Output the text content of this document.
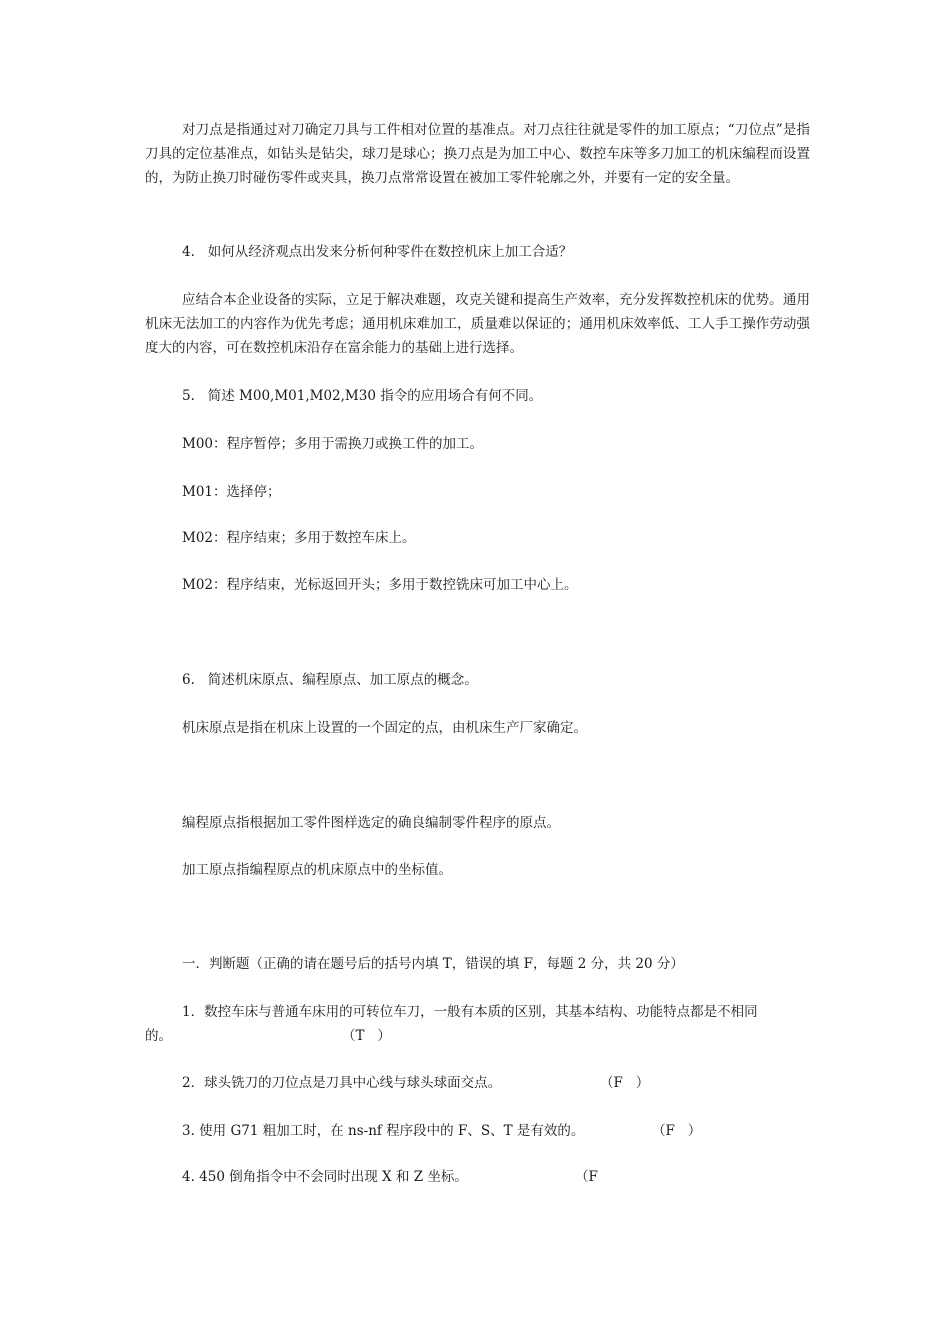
对刀点是指通过对刀确定刀具与工件相对位置的基准点。对刀点往往就是零件的加工原点；“刀位点”是指刀具的定位基准点，如钻头是钻尖，球刀是球心；换刀点是为加工中心、数控车床等多刀加工的机床编程而设置的，为防止换刀时碰伤零件或夹具，换刀点常常设置在被加工零件轮廓之外，并要有一定的安全量。

4.   如何从经济观点出发来分析何种零件在数控机床上加工合适？

应结合本企业设备的实际，立足于解决难题，攻克关键和提高生产效率，充分发挥数控机床的优势。通用机床无法加工的内容作为优先考虑；通用机床难加工，质量难以保证的；通用机床效率低、工人手工操作劳动强度大的内容，可在数控机床沿存在富余能力的基础上进行选择。

5.   简述 M00,M01,M02,M30 指令的应用场合有何不同。

M00：程序暂停；多用于需换刀或换工件的加工。

M01：选择停；

M02：程序结束；多用于数控车床上。

M02：程序结束，光标返回开头；多用于数控铣床可加工中心上。

6.   简述机床原点、编程原点、加工原点的概念。

机床原点是指在机床上设置的一个固定的点，由机床生产厂家确定。

编程原点指根据加工零件图样选定的确良编制零件程序的原点。

加工原点指编程原点的机床原点中的坐标值。

一．判断题（正确的请在题号后的括号内填 T，错误的填 F，每题 2 分，共 20 分）

1．数控车床与普通车床用的可转位车刀，一般有本质的区别，其基本结构、功能特点都是不相同

的。	（T   ）

2．球头铣刀的刀位点是刀具中心线与球头球面交点。	（F   ）

3. 使用 G71 粗加工时，在 ns-nf 程序段中的 F、S、T 是有效的。	（F   ）

4. 450 倒角指令中不会同时出现 X 和 Z 坐标。	（F
